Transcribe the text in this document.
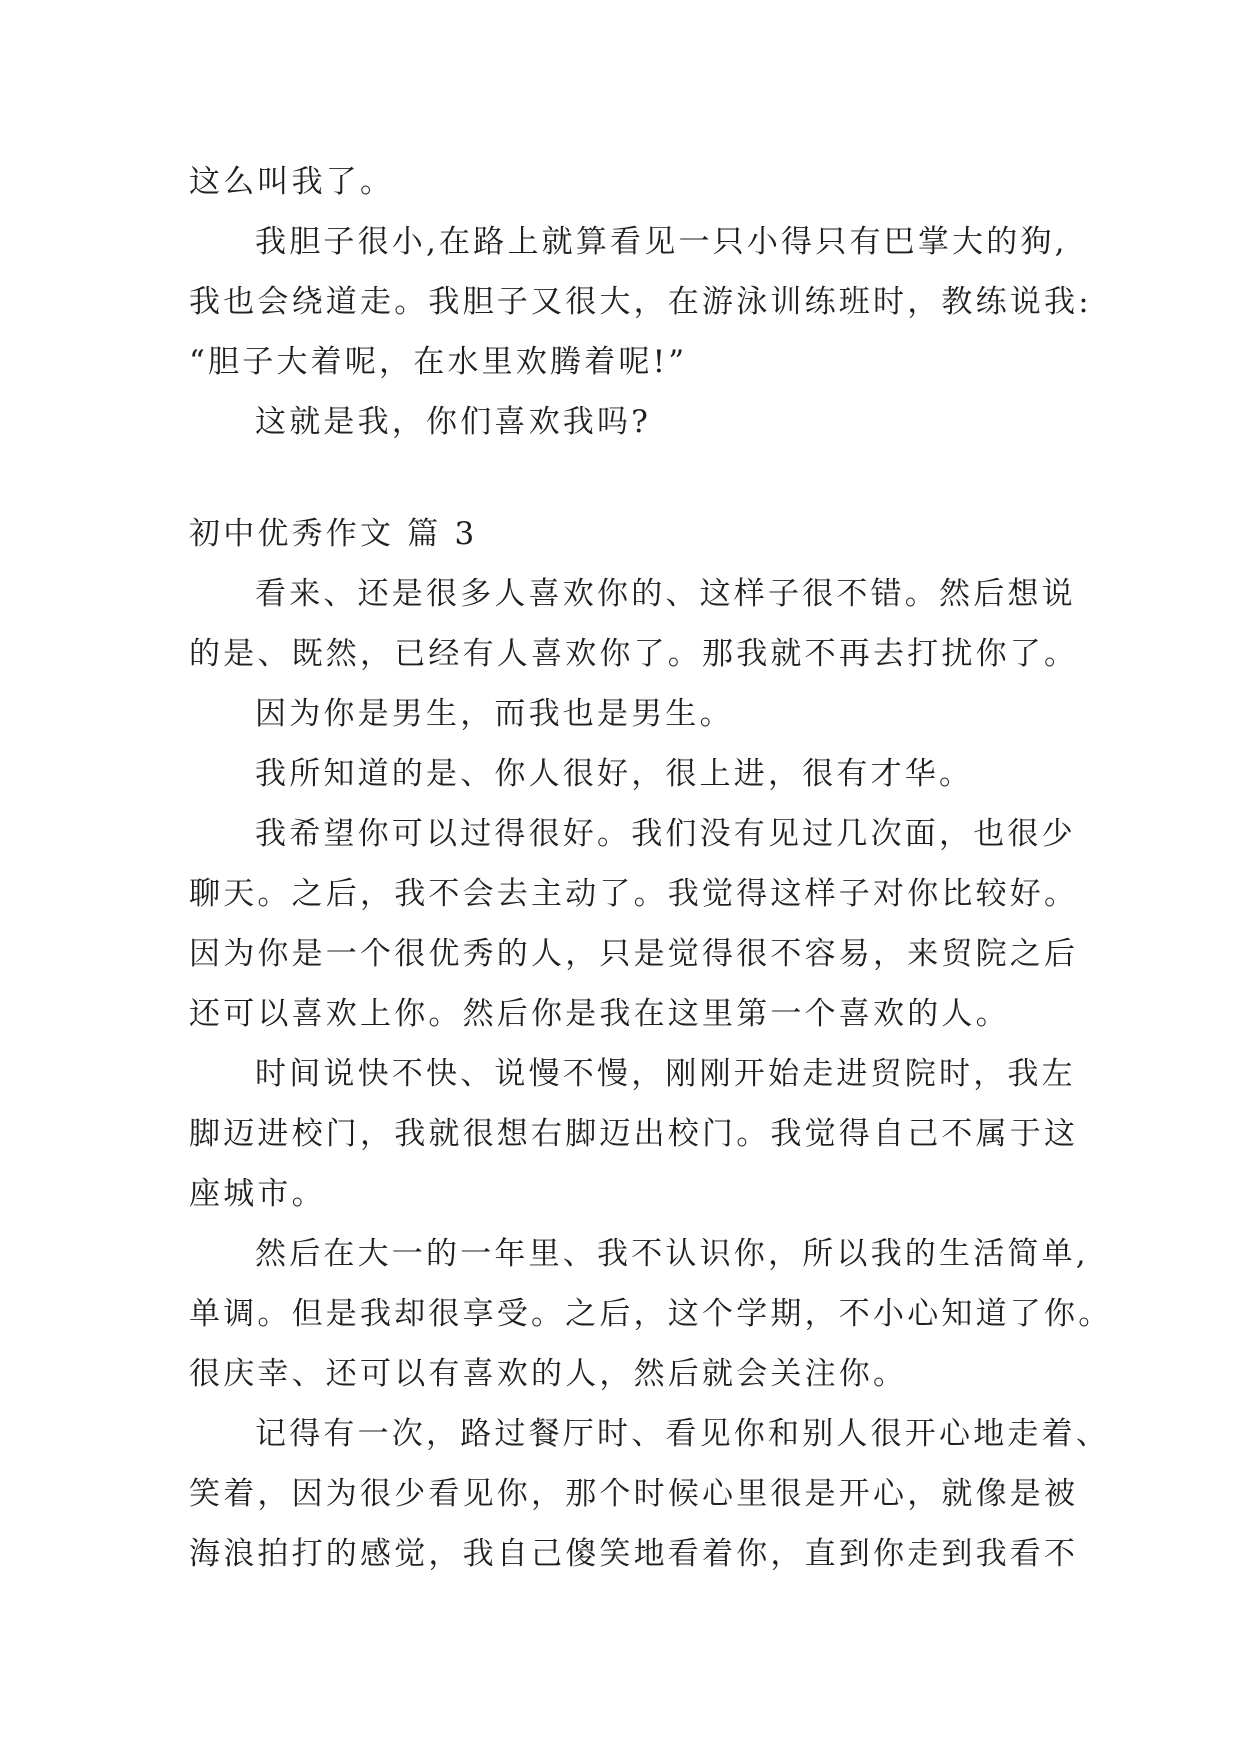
这么叫我了。
我胆子很小,在路上就算看见一只小得只有巴掌大的狗,
我也会绕道走。我胆子又很大，在游泳训练班时，教练说我:
“胆子大着呢，在水里欢腾着呢!”
这就是我，你们喜欢我吗?
初中优秀作文 篇 3
看来、还是很多人喜欢你的、这样子很不错。然后想说
的是、既然，已经有人喜欢你了。那我就不再去打扰你了。
因为你是男生，而我也是男生。
我所知道的是、你人很好，很上进，很有才华。
我希望你可以过得很好。我们没有见过几次面，也很少
聊天。之后，我不会去主动了。我觉得这样子对你比较好。
因为你是一个很优秀的人，只是觉得很不容易，来贸院之后
还可以喜欢上你。然后你是我在这里第一个喜欢的人。
时间说快不快、说慢不慢，刚刚开始走进贸院时，我左
脚迈进校门，我就很想右脚迈出校门。我觉得自己不属于这
座城市。
然后在大一的一年里、我不认识你，所以我的生活简单,
单调。但是我却很享受。之后，这个学期，不小心知道了你。
很庆幸、还可以有喜欢的人，然后就会关注你。
记得有一次，路过餐厅时、看见你和别人很开心地走着、
笑着，因为很少看见你，那个时候心里很是开心，就像是被
海浪拍打的感觉，我自己傻笑地看着你，直到你走到我看不
